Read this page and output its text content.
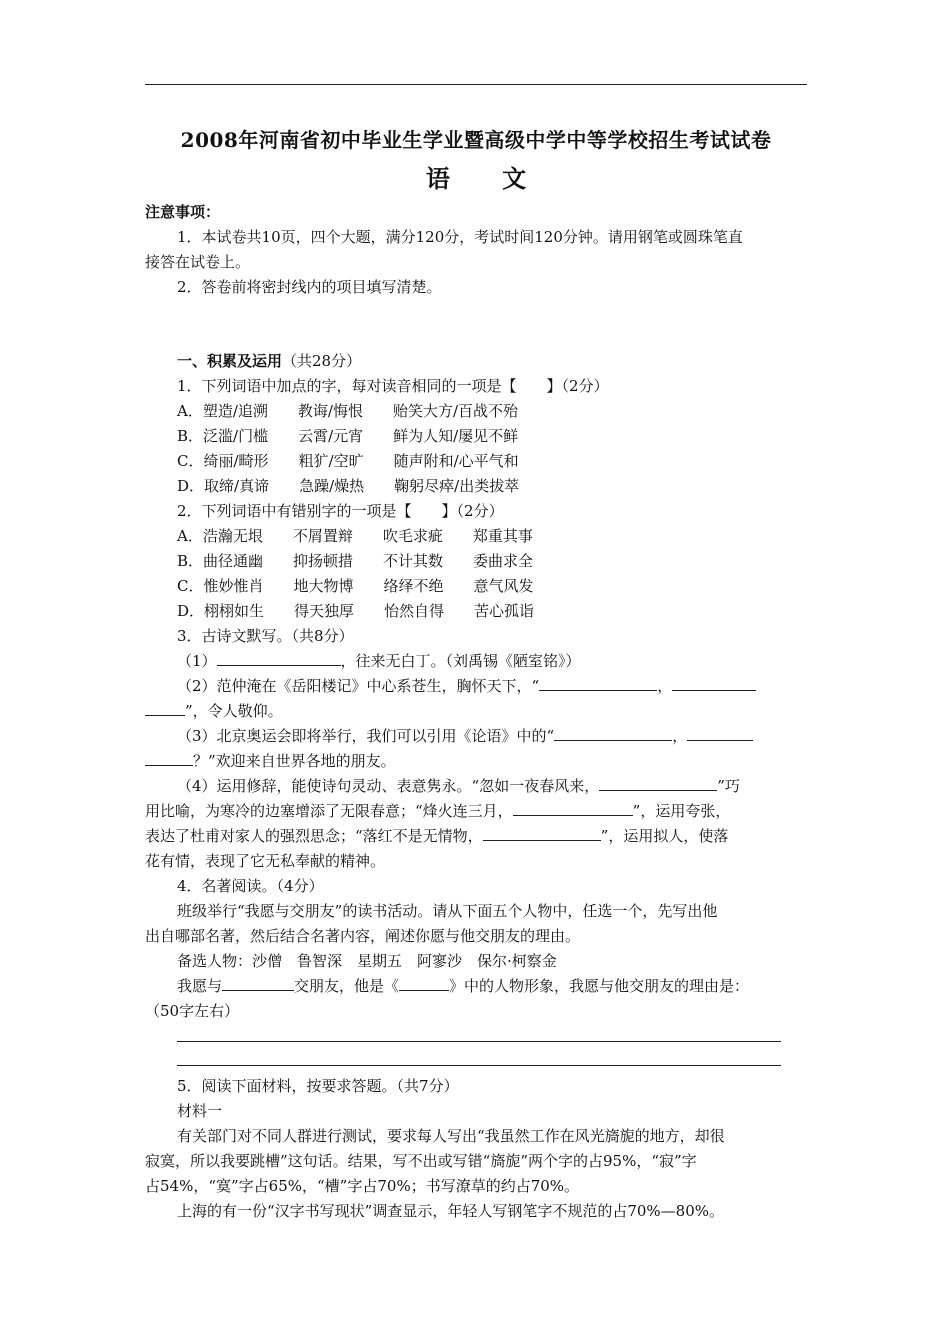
2008年河南省初中毕业生学业暨高级中学中等学校招生考试试卷
语 文
注意事项：
1．本试卷共10页，四个大题，满分120分，考试时间120分钟。请用钢笔或圆珠笔直
接答在试卷上。
2．答卷前将密封线内的项目填写清楚。
一、积累及运用（共28分）
1．下列词语中加点的字，每对读音相同的一项是【　　】（2分）
A．塑造/追溯　　教诲/悔恨　　贻笑大方/百战不殆
B．泛滥/门槛　　云霄/元宵　　鲜为人知/屡见不鲜
C．绮丽/畸形　　粗犷/空旷　　随声附和/心平气和
D．取缔/真谛　　急躁/燥热　　鞠躬尽瘁/出类拔萃
2．下列词语中有错别字的一项是【　　】（2分）
A．浩瀚无垠　　不屑置辩　　吹毛求疵　　郑重其事
B．曲径通幽　　抑扬顿措　　不计其数　　委曲求全
C．惟妙惟肖　　地大物博　　络绎不绝　　意气风发
D．栩栩如生　　得天独厚　　怡然自得　　苦心孤诣
3．古诗文默写。（共8分）
（1）	，往来无白丁。（刘禹锡《陋室铭》）
（2）范仲淹在《岳阳楼记》中心系苍生，胸怀天下，“	，
”，令人敬仰。
（3）北京奥运会即将举行，我们可以引用《论语》中的“	，
？”欢迎来自世界各地的朋友。
（4）运用修辞，能使诗句灵动、表意隽永。“忽如一夜春风来，	”巧
用比喻，为寒冷的边塞增添了无限春意；“烽火连三月，	”，运用夸张，
表达了杜甫对家人的强烈思念；“落红不是无情物，	”，运用拟人，使落
花有情，表现了它无私奉献的精神。
4．名著阅读。（4分）
班级举行“我愿与交朋友”的读书活动。请从下面五个人物中，任选一个，先写出他
出自哪部名著，然后结合名著内容，阐述你愿与他交朋友的理由。
备选人物：沙僧　鲁智深　星期五　阿寥沙　保尔·柯察金
我愿与	交朋友，他是《	》中的人物形象，我愿与他交朋友的理由是：
（50字左右）
5．阅读下面材料，按要求答题。（共7分）
材料一
有关部门对不同人群进行测试，要求每人写出“我虽然工作在风光旖旎的地方，却很
寂寞，所以我要跳槽”这句话。结果，写不出或写错“旖旎”两个字的占95%，“寂”字
占54%，“寞”字占65%，“槽”字占70%；书写潦草的约占70%。
上海的有一份“汉字书写现状”调查显示，年轻人写钢笔字不规范的占70%—80%。
